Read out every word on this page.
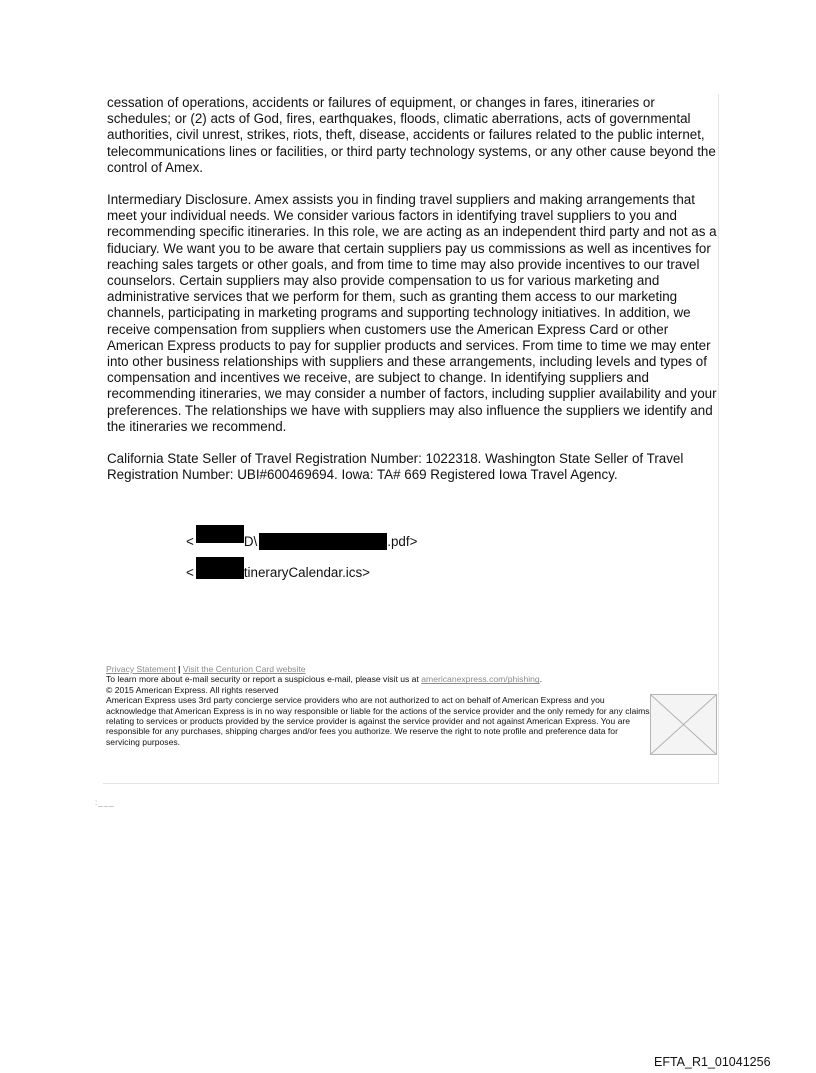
cessation of operations, accidents or failures of equipment, or changes in fares, itineraries or schedules; or (2) acts of God, fires, earthquakes, floods, climatic aberrations, acts of governmental authorities, civil unrest, strikes, riots, theft, disease, accidents or failures related to the public internet, telecommunications lines or facilities, or third party technology systems, or any other cause beyond the control of Amex.

Intermediary Disclosure. Amex assists you in finding travel suppliers and making arrangements that meet your individual needs. We consider various factors in identifying travel suppliers to you and recommending specific itineraries. In this role, we are acting as an independent third party and not as a fiduciary. We want you to be aware that certain suppliers pay us commissions as well as incentives for reaching sales targets or other goals, and from time to time may also provide incentives to our travel counselors. Certain suppliers may also provide compensation to us for various marketing and administrative services that we perform for them, such as granting them access to our marketing channels, participating in marketing programs and supporting technology initiatives. In addition, we receive compensation from suppliers when customers use the American Express Card or other American Express products to pay for supplier products and services. From time to time we may enter into other business relationships with suppliers and these arrangements, including levels and types of compensation and incentives we receive, are subject to change. In identifying suppliers and recommending itineraries, we may consider a number of factors, including supplier availability and your preferences. The relationships we have with suppliers may also influence the suppliers we identify and the itineraries we recommend.

California State Seller of Travel Registration Number: 1022318. Washington State Seller of Travel Registration Number: UBI#600469694. Iowa: TA# 669 Registered Iowa Travel Agency.

<	D\	.pdf>
<	tineraryCalendar.ics>
Privacy Statement | Visit the Centurion Card website
To learn more about e-mail security or report a suspicious e-mail, please visit us at americanexpress.com/phishing.
© 2015 American Express. All rights reserved
American Express uses 3rd party concierge service providers who are not authorized to act on behalf of American Express and you acknowledge that American Express is in no way responsible or liable for the actions of the service provider and the only remedy for any claims relating to services or products provided by the service provider is against the service provider and not against American Express. You are responsible for any purchases, shipping charges and/or fees you authorize. We reserve the right to note profile and preference data for servicing purposes.
:___
EFTA_R1_01041256
